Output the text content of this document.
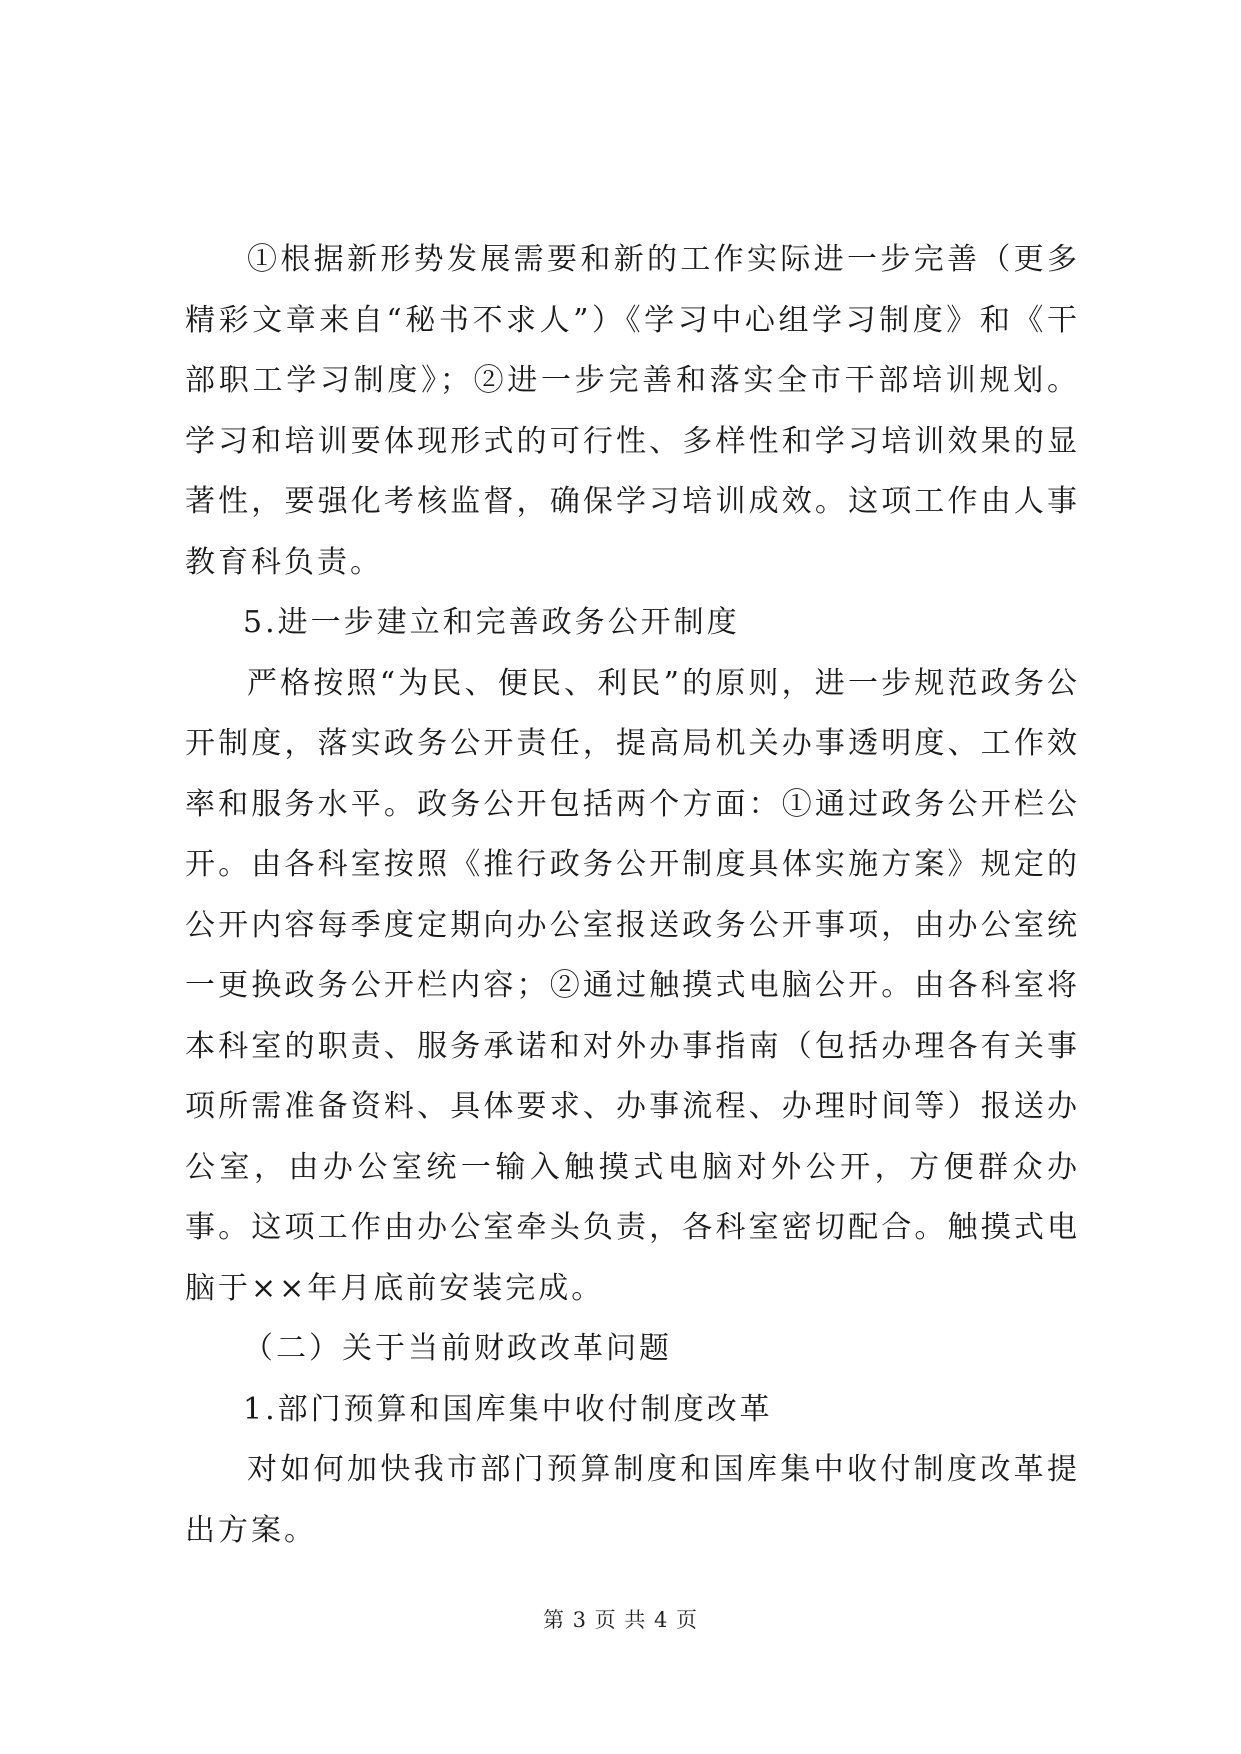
①根据新形势发展需要和新的工作实际进一步完善（更多精彩文章来自“秘书不求人”）《学习中心组学习制度》和《干部职工学习制度》；②进一步完善和落实全市干部培训规划。学习和培训要体现形式的可行性、多样性和学习培训效果的显著性，要强化考核监督，确保学习培训成效。这项工作由人事教育科负责。

5.进一步建立和完善政务公开制度

严格按照“为民、便民、利民”的原则，进一步规范政务公开制度，落实政务公开责任，提高局机关办事透明度、工作效率和服务水平。政务公开包括两个方面：①通过政务公开栏公开。由各科室按照《推行政务公开制度具体实施方案》规定的公开内容每季度定期向办公室报送政务公开事项，由办公室统一更换政务公开栏内容；②通过触摸式电脑公开。由各科室将本科室的职责、服务承诺和对外办事指南（包括办理各有关事项所需准备资料、具体要求、办事流程、办理时间等）报送办公室，由办公室统一输入触摸式电脑对外公开，方便群众办事。这项工作由办公室牵头负责，各科室密切配合。触摸式电脑于××年月底前安装完成。

（二）关于当前财政改革问题

1.部门预算和国库集中收付制度改革

对如何加快我市部门预算制度和国库集中收付制度改革提出方案。

第 3 页 共 4 页
